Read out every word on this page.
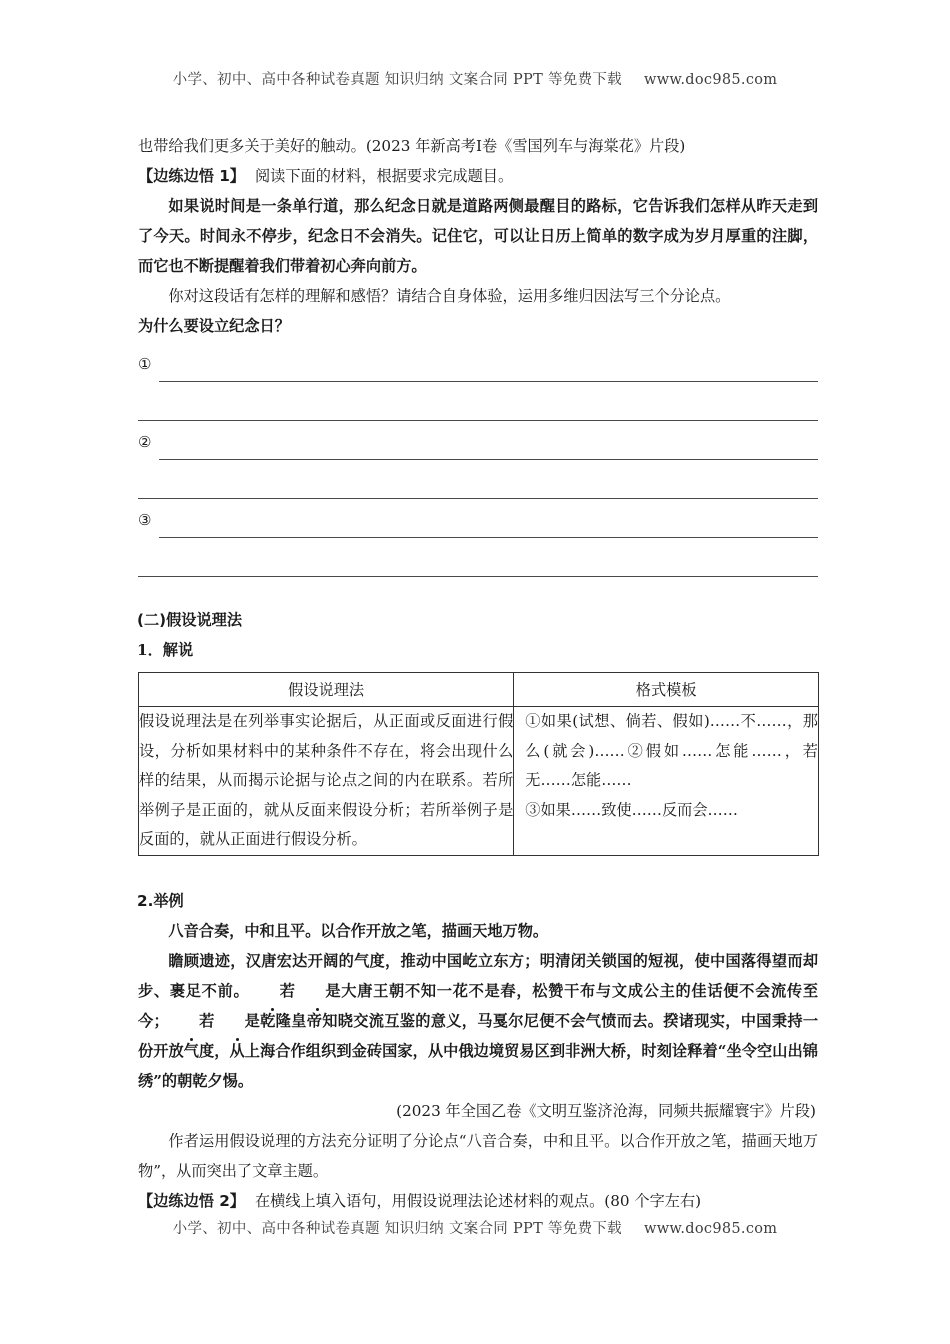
小学、初中、高中各种试卷真题 知识归纳 文案合同 PPT 等免费下载 www.doc985.com
也带给我们更多关于美好的触动。(2023 年新高考Ⅰ卷《雪国列车与海棠花》片段)
【边练边悟 1】 阅读下面的材料，根据要求完成题目。
如果说时间是一条单行道，那么纪念日就是道路两侧最醒目的路标，它告诉我们怎样从昨天走到了今天。时间永不停步，纪念日不会消失。记住它，可以让日历上简单的数字成为岁月厚重的注脚，而它也不断提醒着我们带着初心奔向前方。
你对这段话有怎样的理解和感悟？请结合自身体验，运用多维归因法写三个分论点。
为什么要设立纪念日？
①
②
③
(二)假设说理法
1．解说
假设说理法	格式模板
假设说理法是在列举事实论据后，从正面或反面进行假设，分析如果材料中的某种条件不存在，将会出现什么样的结果，从而揭示论据与论点之间的内在联系。若所举例子是正面的，就从反面来假设分析；若所举例子是反面的，就从正面进行假设分析。	①如果(试想、倘若、假如)……不……，那么(就会)……②假如……怎能……，若无……怎能……
③如果……致使……反而会……
2.举例
八音合奏，中和且平。以合作开放之笔，描画天地万物。
瞻顾遗迹，汉唐宏达开阔的气度，推动中国屹立东方；明清闭关锁国的短视，使中国落得望而却步、裹足不前。 若 是大唐王朝不知一花不是春，松赞干布与文成公主的佳话便不会流传至今； 若 是乾隆皇帝知晓交流互鉴的意义，马戛尔尼便不会气愤而去。揆诸现实，中国秉持一份开放气度，从上海合作组织到金砖国家，从中俄边境贸易区到非洲大桥，时刻诠释着“坐令空山出锦绣”的朝乾夕惕。
(2023 年全国乙卷《文明互鉴济沧海，同频共振耀寰宇》片段)
作者运用假设说理的方法充分证明了分论点“八音合奏，中和且平。以合作开放之笔，描画天地万物”，从而突出了文章主题。
【边练边悟 2】 在横线上填入语句，用假设说理法论述材料的观点。(80 个字左右)
小学、初中、高中各种试卷真题 知识归纳 文案合同 PPT 等免费下载 www.doc985.com
